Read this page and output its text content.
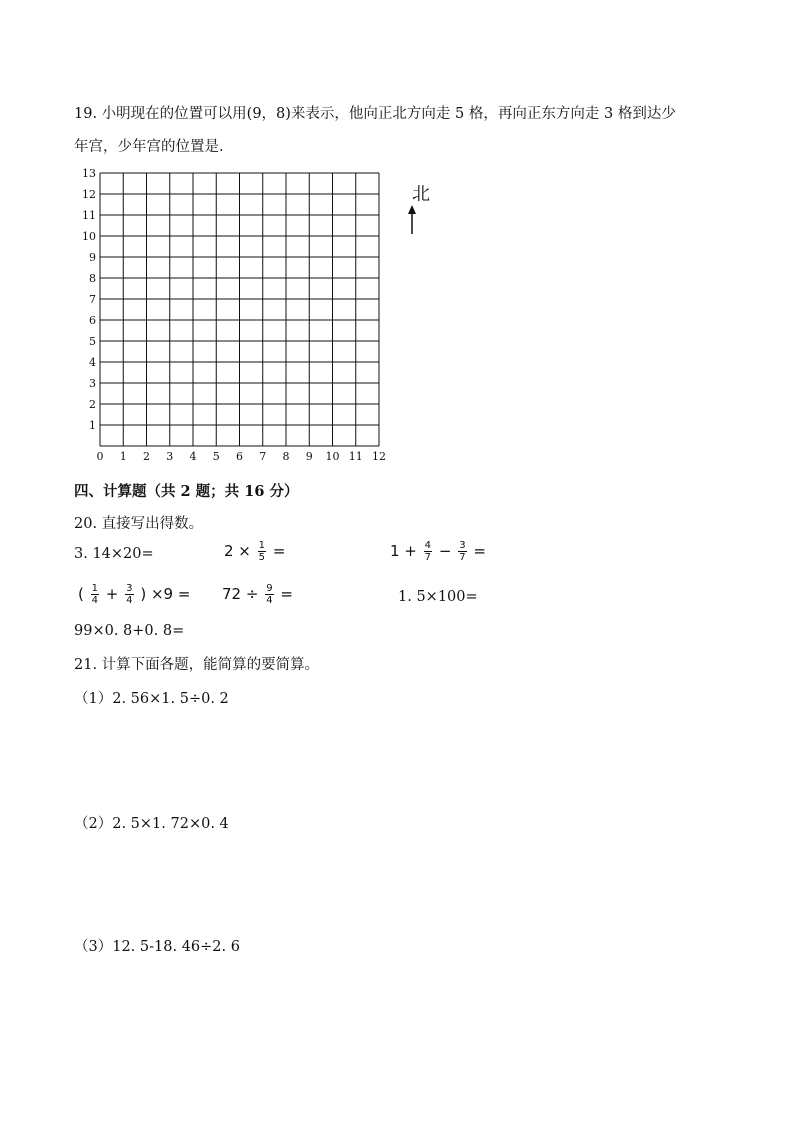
19. 小明现在的位置可以用(9，8)来表示，他向正北方向走 5 格，再向正东方向走 3 格到达少
年宫，少年宫的位置是.
0 1 2 3 4 5 6 7 8 9 10 11 12
1
2
3
4
5
6
7
8
9
10
11
12
13
北
四、计算题（共 2 题；共 16 分）
20. 直接写出得数。
3. 14×20=	$2 \times \frac{1}{5}$ =	$1 + \frac{4}{7} - \frac{3}{7}$ =
( $\frac{1}{4} + \frac{3}{4}$ ) $\times 9 = 72 \div \frac{9}{4}$ =	1. 5×100=
99×0. 8+0. 8=
21. 计算下面各题，能简算的要简算。
（1）2. 56×1. 5÷0. 2
（2）2. 5×1. 72×0. 4
（3）12. 5-18. 46÷2. 6
